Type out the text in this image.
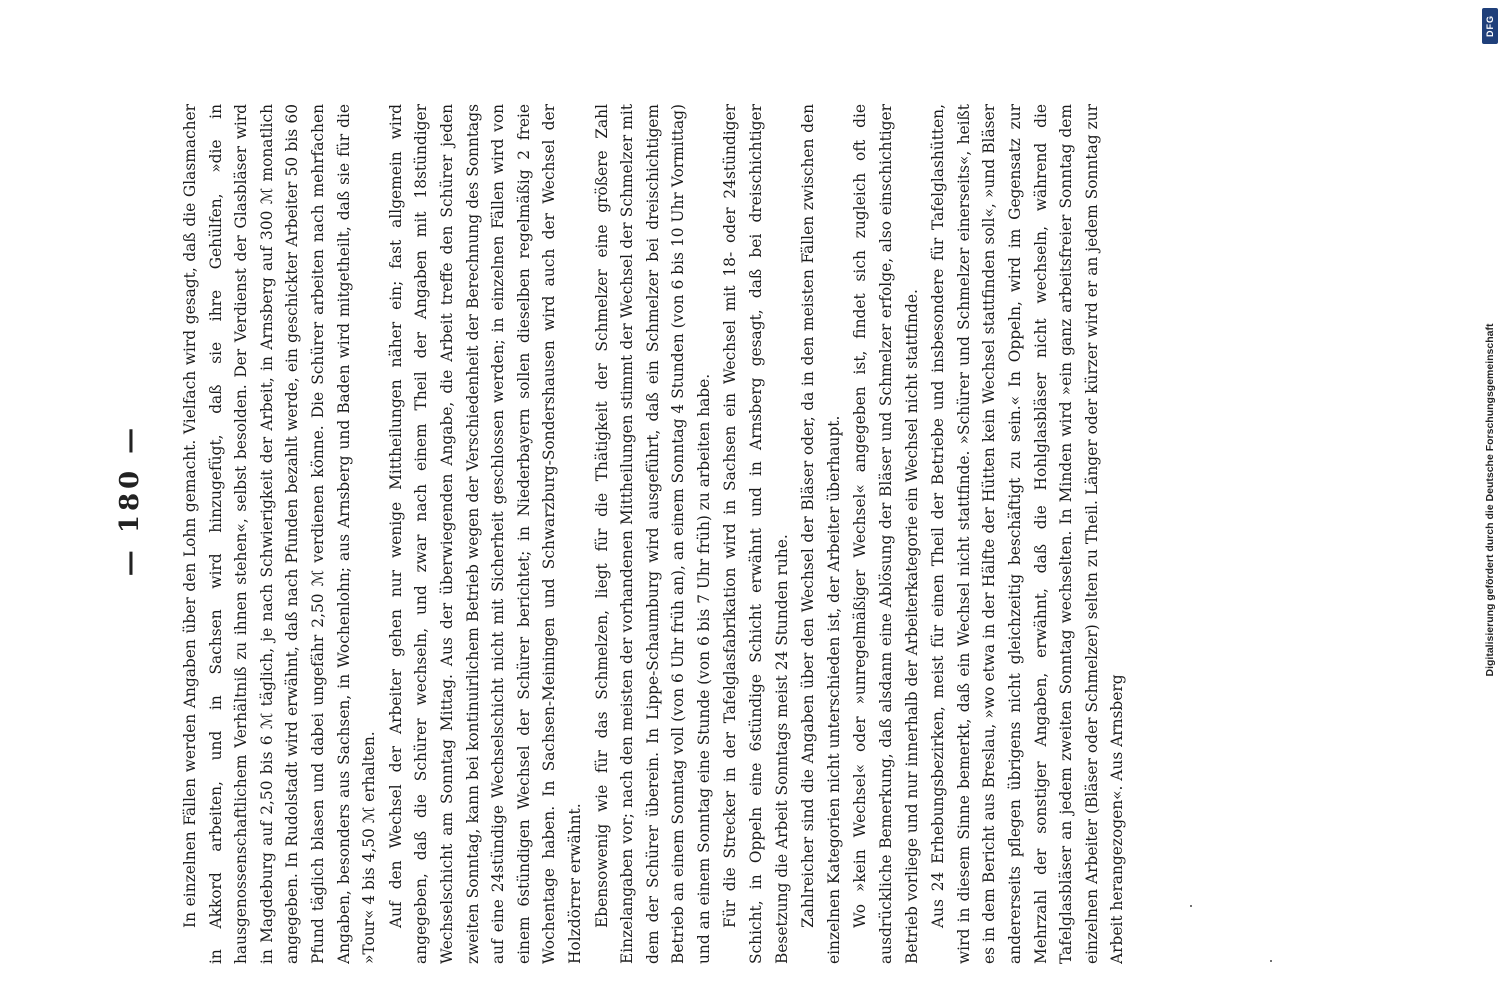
— 180 —	In einzelnen Fällen werden Angaben über den Lohn gemacht. Vielfach wird gesagt, daß die Glasmacher in Akkord arbeiten, und in Sachsen wird hinzugefügt, daß sie ihre Gehülfen, »die in hausgenossenschaftlichem Verhältniß zu ihnen stehen«, selbst besolden. Der Verdienst der Glasbläser wird in Magdeburg auf 2,50 bis 6 ℳ täglich, je nach Schwierigkeit der Arbeit, in Arnsberg auf 300 ℳ monatlich angegeben. In Rudolstadt wird erwähnt, daß nach Pfunden bezahlt werde, ein geschickter Arbeiter 50 bis 60 Pfund täglich blasen und dabei ungefähr 2,50 ℳ verdienen könne. Die Schürer arbeiten nach mehrfachen Angaben, besonders aus Sachsen, in Wochenlohn; aus Arnsberg und Baden wird mitgetheilt, daß sie für die »Tour« 4 bis 4,50 ℳ erhalten. Auf den Wechsel der Arbeiter gehen nur wenige Mittheilungen näher ein; fast allgemein wird angegeben, daß die Schürer wechseln, und zwar nach einem Theil der Angaben mit 18stündiger Wechselschicht am Sonntag Mittag. Aus der überwiegenden Angabe, die Arbeit treffe den Schürer jeden zweiten Sonntag, kann bei kontinuirlichem Betrieb wegen der Verschiedenheit der Berechnung des Sonntags auf eine 24stündige Wechselschicht nicht mit Sicherheit geschlossen werden; in einzelnen Fällen wird von einem 6stündigen Wechsel der Schürer berichtet; in Niederbayern sollen dieselben regelmäßig 2 freie Wochentage haben. In Sachsen-Meiningen und Schwarzburg-Sondershausen wird auch der Wechsel der Holzdörrer erwähnt. Ebensowenig wie für das Schmelzen, liegt für die Thätigkeit der Schmelzer eine größere Zahl Einzelangaben vor; nach den meisten der vorhandenen Mittheilungen stimmt der Wechsel der Schmelzer mit dem der Schürer überein. In Lippe-Schaumburg wird ausgeführt, daß ein Schmelzer bei dreischichtigem Betrieb an einem Sonntag voll (von 6 Uhr früh an), an einem Sonntag 4 Stunden (von 6 bis 10 Uhr Vormittag) und an einem Sonntag eine Stunde (von 6 bis 7 Uhr früh) zu arbeiten habe. Für die Strecker in der Tafelglasfabrikation wird in Sachsen ein Wechsel mit 18- oder 24stündiger Schicht, in Oppeln eine 6stündige Schicht erwähnt und in Arnsberg gesagt, daß bei dreischichtiger Besetzung die Arbeit Sonntags meist 24 Stunden ruhe. Zahlreicher sind die Angaben über den Wechsel der Bläser oder, da in den meisten Fällen zwischen den einzelnen Kategorien nicht unterschieden ist, der Arbeiter überhaupt. Wo »kein Wechsel« oder »unregelmäßiger Wechsel« angegeben ist, findet sich zugleich oft die ausdrückliche Bemerkung, daß alsdann eine Ablösung der Bläser und Schmelzer erfolge, also einschichtiger Betrieb vorliege und nur innerhalb der Arbeiterkategorie ein Wechsel nicht stattfinde. Aus 24 Erhebungsbezirken, meist für einen Theil der Betriebe und insbesondere für Tafelglashütten, wird in diesem Sinne bemerkt, daß ein Wechsel nicht stattfinde. »Schürer und Schmelzer einerseits«, heißt es in dem Bericht aus Breslau, »wo etwa in der Hälfte der Hütten kein Wechsel stattfinden soll«, »und Bläser andererseits pflegen übrigens nicht gleichzeitig beschäftigt zu sein.« In Oppeln, wird im Gegensatz zur Mehrzahl der sonstiger Angaben, erwähnt, daß die Hohlglasbläser nicht wechseln, während die Tafelglasbläser an jedem zweiten Sonntag wechselten. In Minden wird »ein ganz arbeitsfreier Sonntag dem einzelnen Arbeiter (Bläser oder Schmelzer) selten zu Theil. Länger oder kürzer wird er an jedem Sonntag zur Arbeit herangezogen«. Aus Arnsberg

DFG
Digitalisierung gefördert durch die Deutsche Forschungsgemeinschaft
